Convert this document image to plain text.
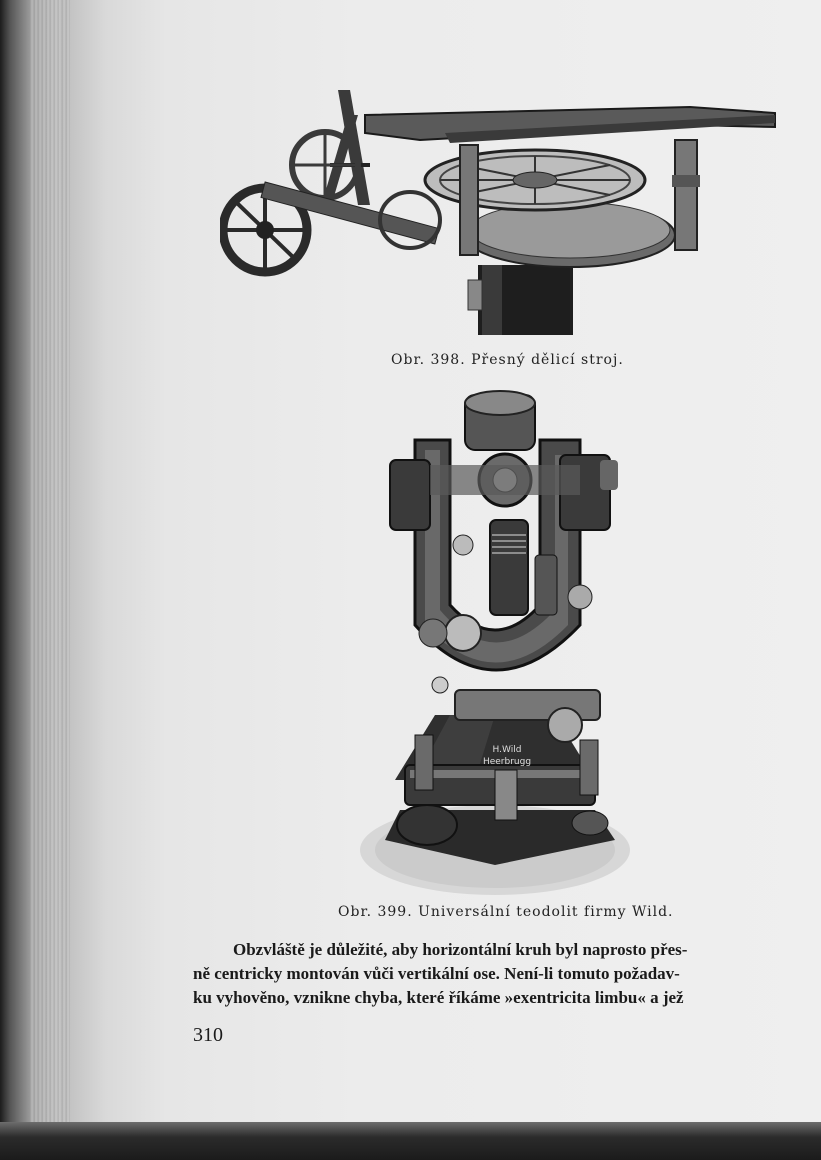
Obr. 398. Přesný dělicí stroj.
H.Wild
Heerbrugg
Obr. 399. Universální teodolit firmy Wild.

Obzvláště je důležité, aby horizontální kruh byl naprosto přes-

ně centricky montován vůči vertikální ose. Není-li tomuto požadav-
ku vyhověno, vznikne chyba, které říkáme »exentricita limbu« a jež
310
